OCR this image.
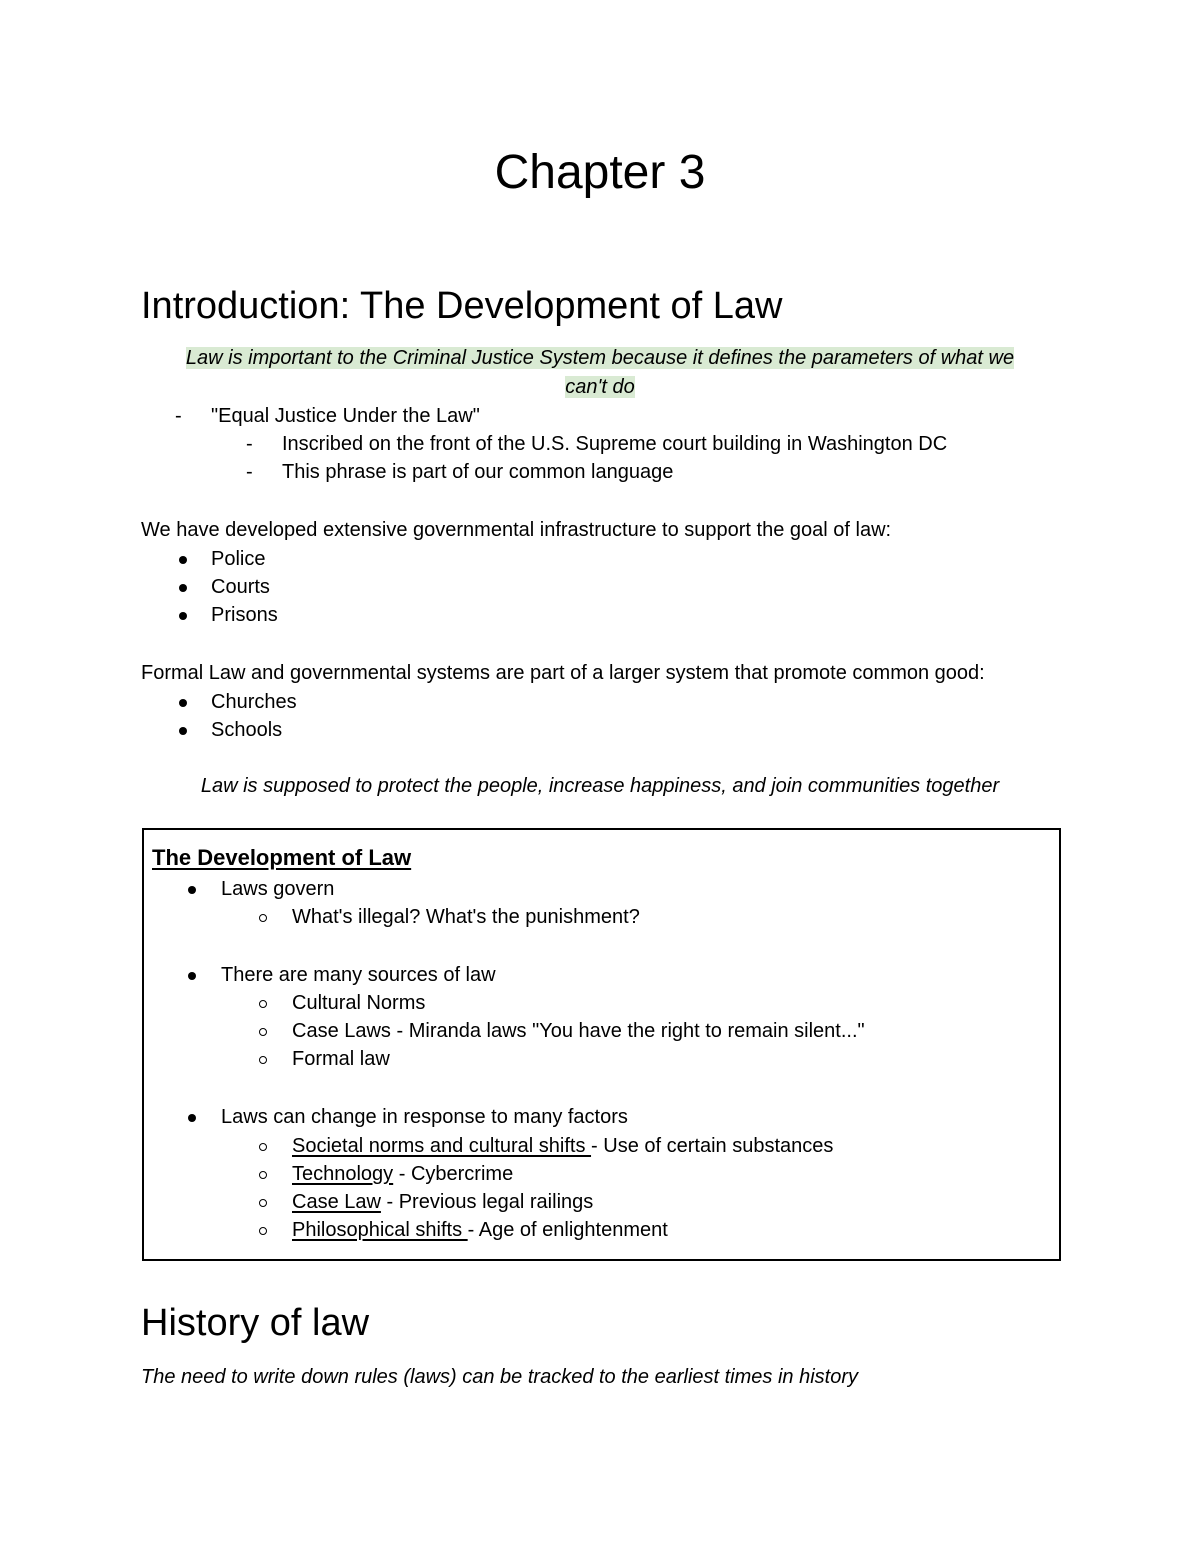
Chapter 3
Introduction: The Development of Law
Law is important to the Criminal Justice System because it defines the parameters of what we
can't do
- "Equal Justice Under the Law"
- Inscribed on the front of the U.S. Supreme court building in Washington DC
- This phrase is part of our common language
We have developed extensive governmental infrastructure to support the goal of law:
Police
Courts
Prisons
Formal Law and governmental systems are part of a larger system that promote common good:
Churches
Schools
Law is supposed to protect the people, increase happiness, and join communities together
The Development of Law
Laws govern
What's illegal? What's the punishment?
There are many sources of law
Cultural Norms
Case Laws - Miranda laws "You have the right to remain silent..."
Formal law
Laws can change in response to many factors
Societal norms and cultural shifts - Use of certain substances
Technology - Cybercrime
Case Law - Previous legal railings
Philosophical shifts - Age of enlightenment
History of law
The need to write down rules (laws) can be tracked to the earliest times in history
